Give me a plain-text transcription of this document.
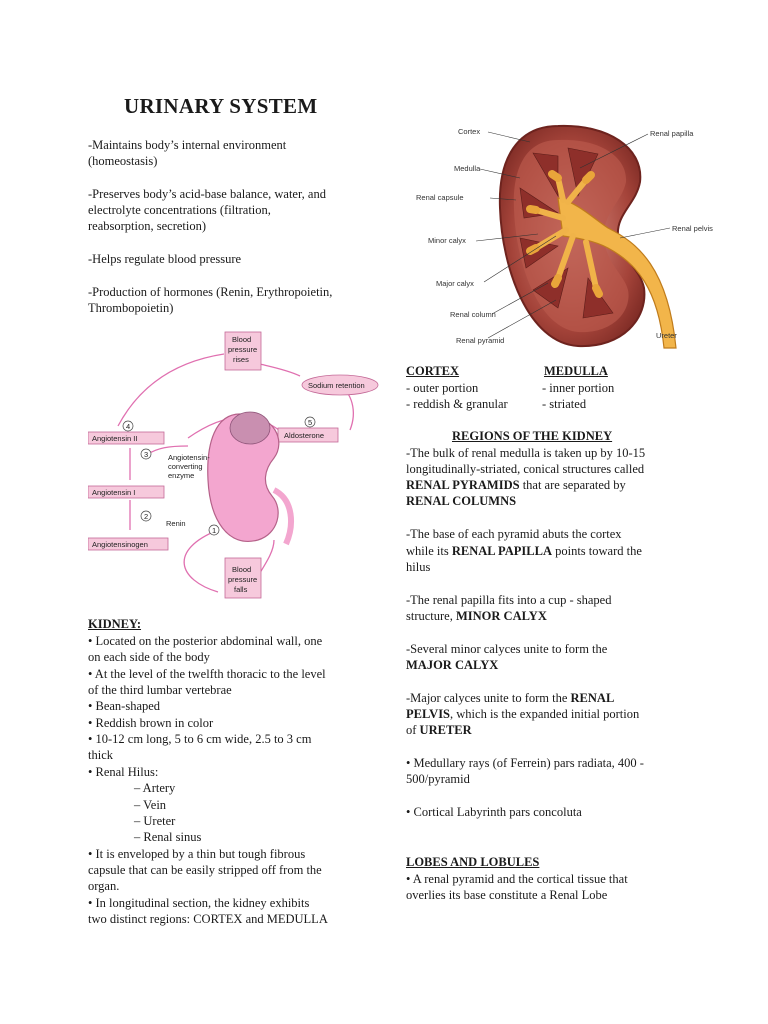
URINARY SYSTEM
-Maintains body’s internal environment
(homeostasis)
-Preserves body’s acid-base balance, water, and
electrolyte concentrations (filtration,
reabsorption, secretion)
-Helps regulate blood pressure
-Production of hormones (Renin, Erythropoietin,
Thrombopoietin)
Cortex
Medulla
Renal capsule
Minor calyx
Major calyx
Renal column
Renal pyramid
Renal papilla
Renal pelvis
Ureter
4	5
3
2
1
Blood
pressure
rises
Sodium retention
Angiotensin II	Aldosterone
Angiotensin-
converting
enzyme
Angiotensin I
Renin
Angiotensinogen
Blood
pressure
falls
KIDNEY:
• Located on the posterior abdominal wall, one
on each side of the body
• At the level of the twelfth thoracic to the level
of the third lumbar vertebrae
• Bean-shaped
• Reddish brown in color
• 10-12 cm long, 5 to 6 cm wide, 2.5 to 3 cm
thick
• Renal Hilus:
– Artery
– Vein
– Ureter
– Renal sinus
• It is enveloped by a thin but tough fibrous
capsule that can be easily stripped off from the
organ.
• In longitudinal section, the kidney exhibits
two distinct regions: CORTEX and MEDULLA
CORTEX
- outer portion
- reddish & granular
MEDULLA
- inner portion
- striated
REGIONS OF THE KIDNEY
-The bulk of renal medulla is taken up by 10-15
longitudinally-striated, conical structures called
RENAL PYRAMIDS that are separated by
RENAL COLUMNS
-The base of each pyramid abuts the cortex
while its RENAL PAPILLA points toward the
hilus
-The renal papilla fits into a cup - shaped
structure, MINOR CALYX
-Several minor calyces unite to form the
MAJOR CALYX
-Major calyces unite to form the RENAL
PELVIS, which is the expanded initial portion
of URETER
• Medullary rays (of Ferrein) pars radiata, 400 -
500/pyramid
• Cortical Labyrinth pars concoluta
LOBES AND LOBULES
• A renal pyramid and the cortical tissue that
overlies its base constitute a Renal Lobe
